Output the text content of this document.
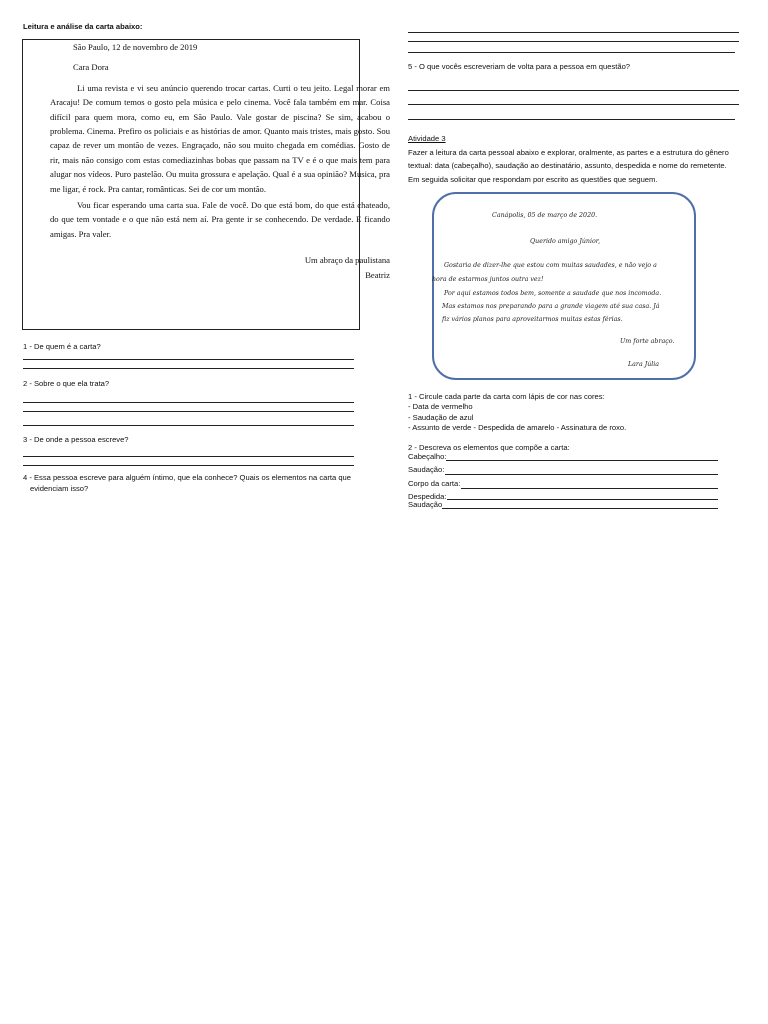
Leitura e análise da carta abaixo:

São Paulo, 12 de novembro de 2019

Cara Dora

Li uma revista e vi seu anúncio querendo trocar cartas. Curti o teu jeito. Legal morar em Aracaju! De comum temos o gosto pela música e pelo cinema. Você fala também em mar. Coisa difícil para quem mora, como eu, em São Paulo. Vale gostar de piscina? Se sim, acabou o problema. Cinema. Prefiro os policiais e as histórias de amor. Quanto mais tristes, mais gosto. Sou capaz de rever um montão de vezes. Engraçado, não sou muito chegada em comédias. Gosto de rir, mais não consigo com estas comediazinhas bobas que passam na TV e é o que mais tem para alugar nos vídeos. Puro pastelão. Ou muita grossura e apelação. Qual é a sua opinião? Música, pra me ligar, é rock. Pra cantar, românticas. Sei de cor um montão.

Vou ficar esperando uma carta sua. Fale de você. Do que está bom, do que está chateado, do que tem vontade e o que não está nem aí. Pra gente ir se conhecendo. De verdade. E ficando amigas. Pra valer.

Um abraço da paulistana

Beatriz

1 - De quem é a carta?
2 - Sobre o que ela trata?
3 - De onde a pessoa escreve?
4 - Essa pessoa escreve para alguém íntimo, que ela conhece? Quais os elementos na carta que
evidenciam isso?
5 - O que vocês escreveriam de volta para a pessoa em questão?
Atividade 3
Fazer a leitura da carta pessoal abaixo e explorar, oralmente, as partes e a estrutura do gênero
textual: data (cabeçalho), saudação ao destinatário, assunto, despedida e nome do remetente.
Em seguida solicitar que respondam por escrito as questões que seguem.
Canápolis, 05 de março de 2020.
Querido amigo Júnior,
Gostaria de dizer-lhe que estou com muitas saudades, e não vejo a
hora de estarmos juntos outra vez!
Por aqui estamos todos bem, somente a saudade que nos incomoda.
Mas estamos nos preparando para a grande viagem até sua casa. Já
fiz vários planos para aproveitarmos muitas estas férias.
Um forte abraço.
Lara Júlia
1 - Circule cada parte da carta com lápis de cor nas cores:
- Data de vermelho
- Saudação de azul
- Assunto de verde - Despedida de amarelo - Assinatura de roxo.
2 - Descreva os elementos que compõe a carta:
Cabeçalho:
Saudação:
Corpo da carta:
Despedida:
Saudação
